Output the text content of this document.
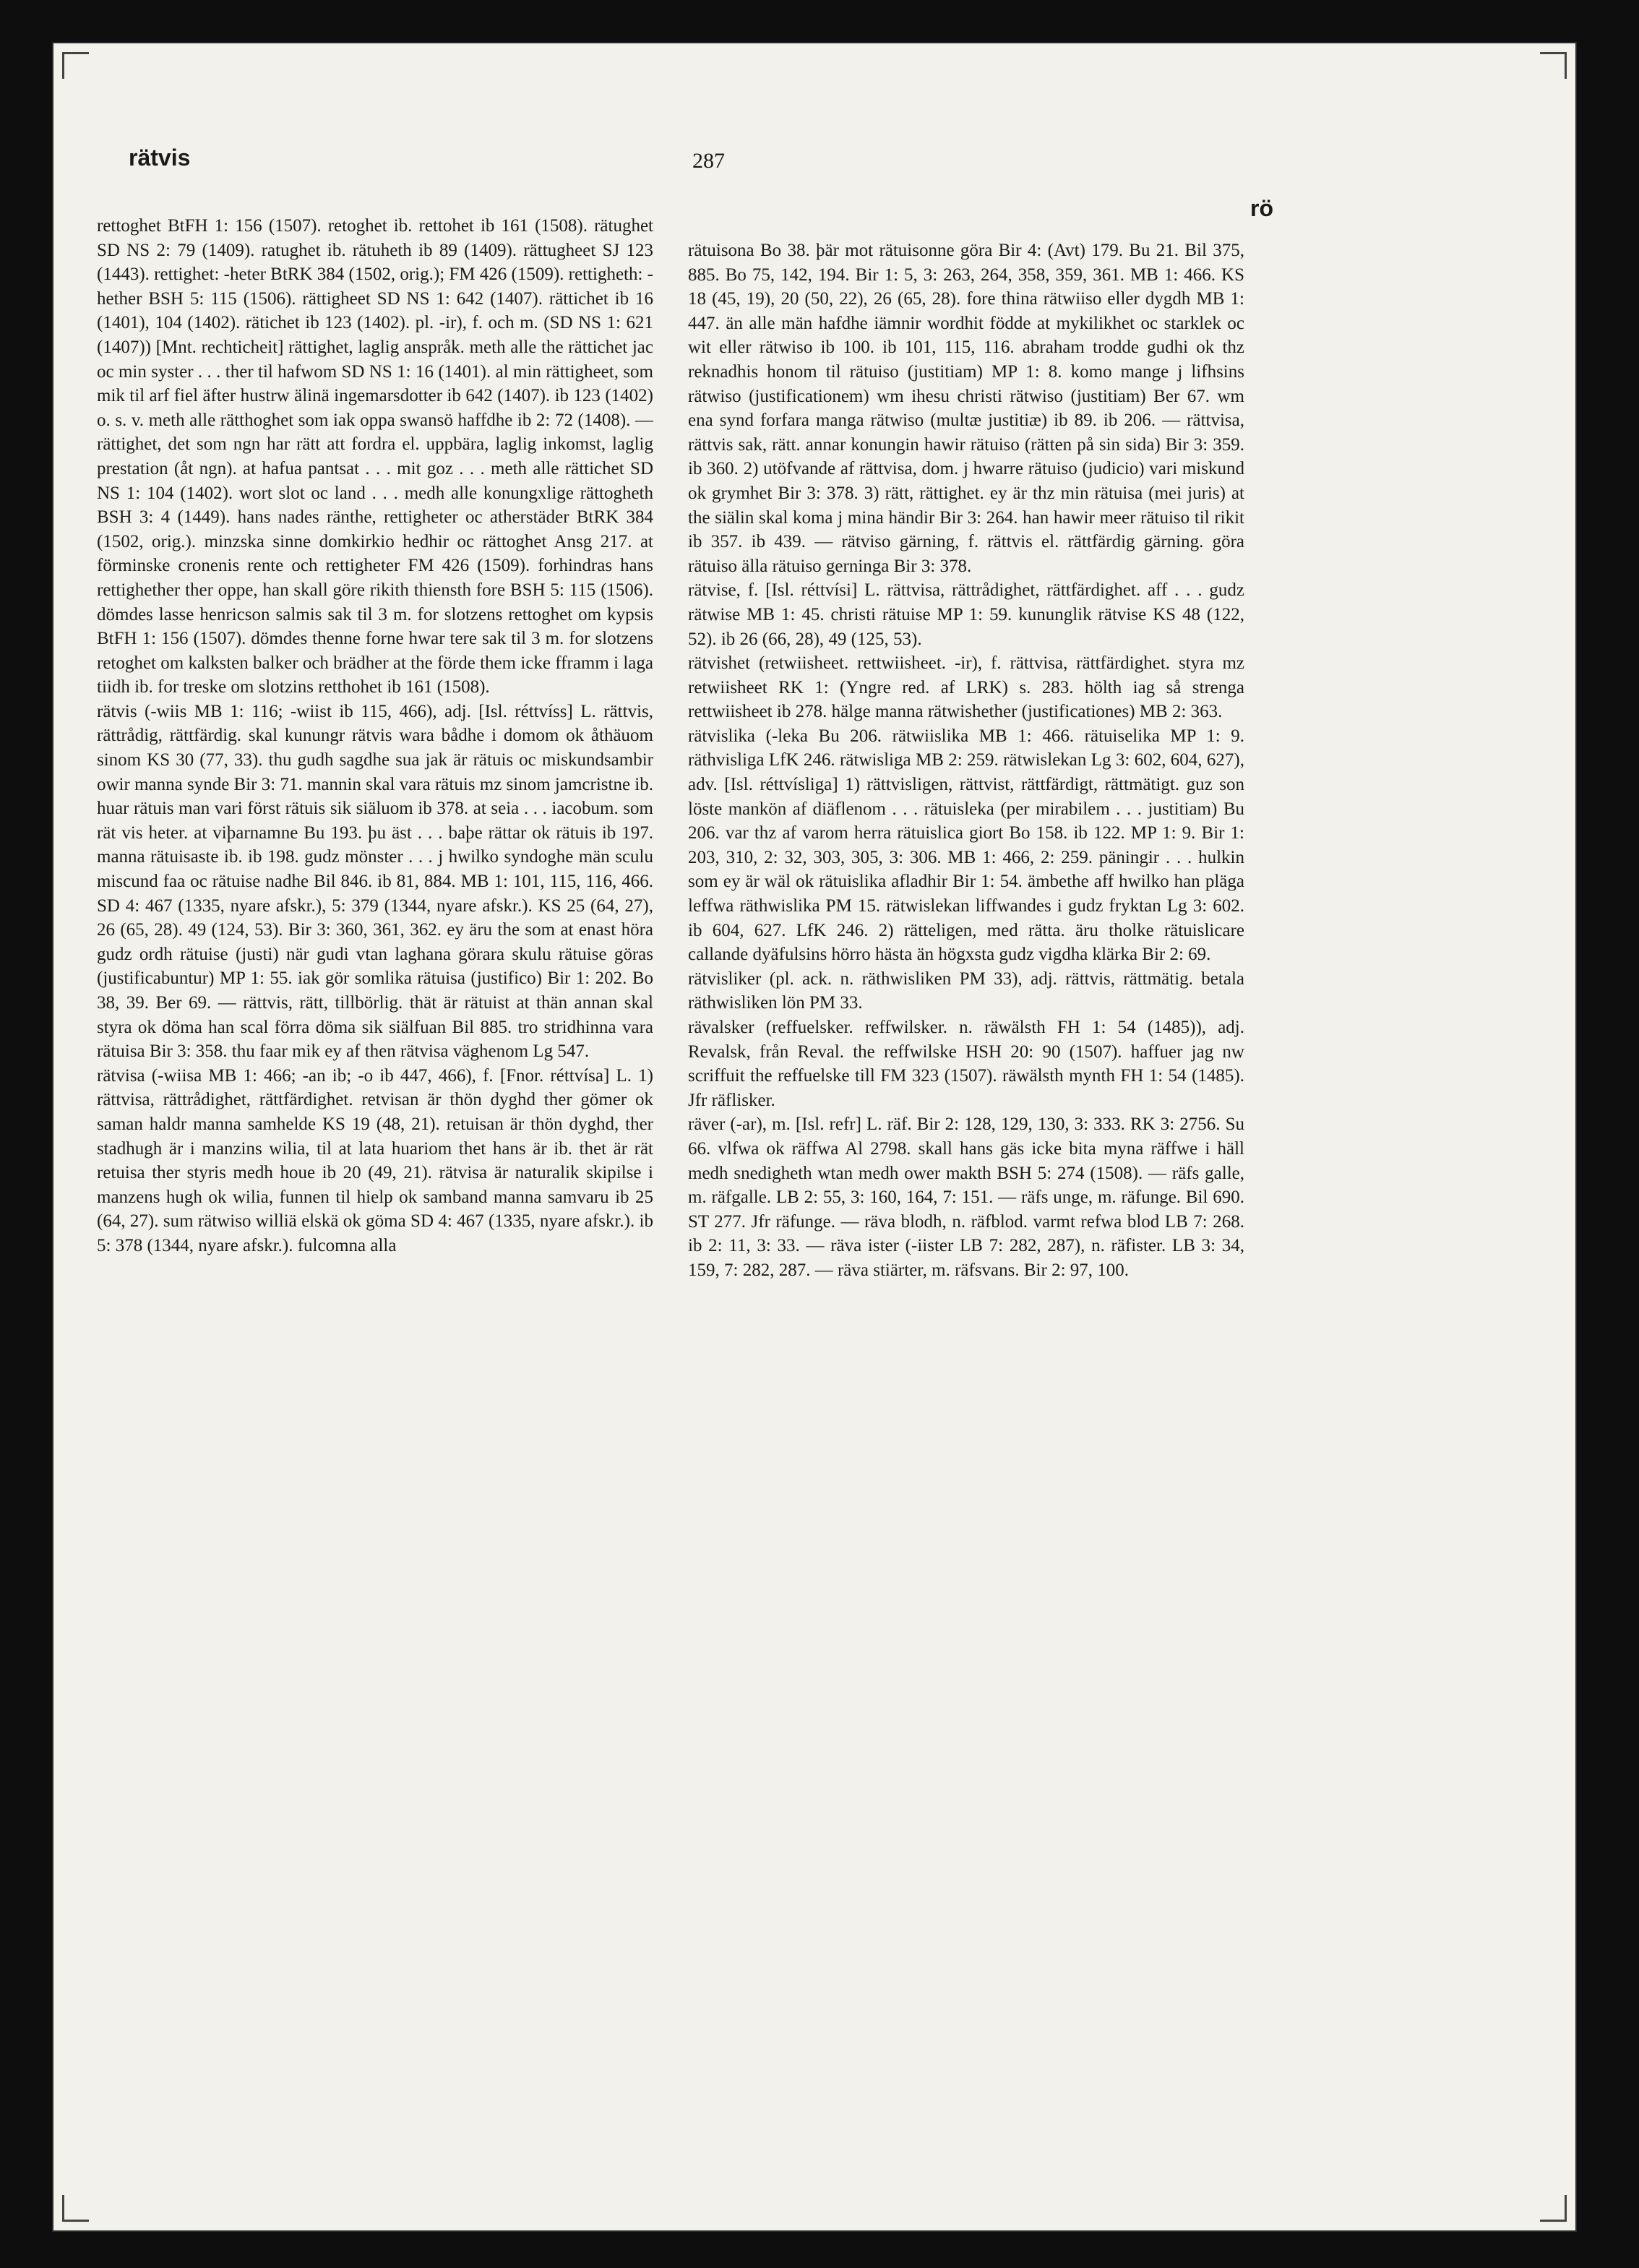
rätvis	287
rö

rettoghet BtFH 1: 156 (1507). retoghet ib. rettohet ib 161 (1508). rätughet SD NS 2: 79 (1409). ratughet ib. rätuheth ib 89 (1409). rättugheet SJ 123 (1443). rettighet: -heter BtRK 384 (1502, orig.); FM 426 (1509). rettigheth: -hether BSH 5: 115 (1506). rättigheet SD NS 1: 642 (1407). rättichet ib 16 (1401), 104 (1402). rätichet ib 123 (1402). pl. -ir), f. och m. (SD NS 1: 621 (1407)) [Mnt. rechticheit] rättighet, laglig anspråk. meth alle the rättichet jac oc min syster . . . ther til hafwom SD NS 1: 16 (1401). al min rättigheet, som mik til arf fiel äfter hustrw älinä ingemarsdotter ib 642 (1407). ib 123 (1402) o. s. v. meth alle rätthoghet som iak oppa swansö haffdhe ib 2: 72 (1408). — rättighet, det som ngn har rätt att fordra el. uppbära, laglig inkomst, laglig prestation (åt ngn). at hafua pantsat . . . mit goz . . . meth alle rättichet SD NS 1: 104 (1402). wort slot oc land . . . medh alle konungxlige rättogheth BSH 3: 4 (1449). hans nades ränthe, rettigheter oc atherstäder BtRK 384 (1502, orig.). minzska sinne domkirkio hedhir oc rättoghet Ansg 217. at förminske cronenis rente och rettigheter FM 426 (1509). forhindras hans rettighether ther oppe, han skall göre rikith thiensth fore BSH 5: 115 (1506). dömdes lasse henricson salmis sak til 3 m. for slotzens rettoghet om kypsis BtFH 1: 156 (1507). dömdes thenne forne hwar tere sak til 3 m. for slotzens retoghet om kalksten balker och brädher at the förde them icke fframm i laga tiidh ib. for treske om slotzins retthohet ib 161 (1508).

rätvis (-wiis MB 1: 116; -wiist ib 115, 466), adj. [Isl. réttvíss] L. rättvis, rättrådig, rättfärdig. skal kunungr rätvis wara bådhe i domom ok åthäuom sinom KS 30 (77, 33). thu gudh sagdhe sua jak är rätuis oc miskundsambir owir manna synde Bir 3: 71. mannin skal vara rätuis mz sinom jamcristne ib. huar rätuis man vari först rätuis sik siäluom ib 378. at seia . . . iacobum. som rät vis heter. at viþarnamne Bu 193. þu äst . . . baþe rättar ok rätuis ib 197. manna rätuisaste ib. ib 198. gudz mönster . . . j hwilko syndoghe män sculu miscund faa oc rätuise nadhe Bil 846. ib 81, 884. MB 1: 101, 115, 116, 466. SD 4: 467 (1335, nyare afskr.), 5: 379 (1344, nyare afskr.). KS 25 (64, 27), 26 (65, 28). 49 (124, 53). Bir 3: 360, 361, 362. ey äru the som at enast höra gudz ordh rätuise (justi) när gudi vtan laghana görara skulu rätuise göras (justificabuntur) MP 1: 55. iak gör somlika rätuisa (justifico) Bir 1: 202. Bo 38, 39. Ber 69. — rättvis, rätt, tillbörlig. thät är rätuist at thän annan skal styra ok döma han scal förra döma sik siälfuan Bil 885. tro stridhinna vara rätuisa Bir 3: 358. thu faar mik ey af then rätvisa väghenom Lg 547.

rätvisa (-wiisa MB 1: 466; -an ib; -o ib 447, 466), f. [Fnor. réttvísa] L. 1) rättvisa, rättrådighet, rättfärdighet. retvisan är thön dyghd ther gömer ok saman haldr manna samhelde KS 19 (48, 21). retuisan är thön dyghd, ther stadhugh är i manzins wilia, til at lata huariom thet hans är ib. thet är rät retuisa ther styris medh houe ib 20 (49, 21). rätvisa är naturalik skipilse i manzens hugh ok wilia, funnen til hielp ok samband manna samvaru ib 25 (64, 27). sum rätwiso williä elskä ok göma SD 4: 467 (1335, nyare afskr.). ib 5: 378 (1344, nyare afskr.). fulcomna alla

rätuisona Bo 38. þär mot rätuisonne göra Bir 4: (Avt) 179. Bu 21. Bil 375, 885. Bo 75, 142, 194. Bir 1: 5, 3: 263, 264, 358, 359, 361. MB 1: 466. KS 18 (45, 19), 20 (50, 22), 26 (65, 28). fore thina rätwiiso eller dygdh MB 1: 447. än alle män hafdhe iämnir wordhit födde at mykilikhet oc starklek oc wit eller rätwiso ib 100. ib 101, 115, 116. abraham trodde gudhi ok thz reknadhis honom til rätuiso (justitiam) MP 1: 8. komo mange j lifhsins rätwiso (justificationem) wm ihesu christi rätwiso (justitiam) Ber 67. wm ena synd forfara manga rätwiso (multæ justitiæ) ib 89. ib 206. — rättvisa, rättvis sak, rätt. annar konungin hawir rätuiso (rätten på sin sida) Bir 3: 359. ib 360. 2) utöfvande af rättvisa, dom. j hwarre rätuiso (judicio) vari miskund ok grymhet Bir 3: 378. 3) rätt, rättighet. ey är thz min rätuisa (mei juris) at the siälin skal koma j mina händir Bir 3: 264. han hawir meer rätuiso til rikit ib 357. ib 439. — rätviso gärning, f. rättvis el. rättfärdig gärning. göra rätuiso älla rätuiso gerninga Bir 3: 378.

rätvise, f. [Isl. réttvísi] L. rättvisa, rättrådighet, rättfärdighet. aff . . . gudz rätwise MB 1: 45. christi rätuise MP 1: 59. kununglik rätvise KS 48 (122, 52). ib 26 (66, 28), 49 (125, 53).

rätvishet (retwiisheet. rettwiisheet. -ir), f. rättvisa, rättfärdighet. styra mz retwiisheet RK 1: (Yngre red. af LRK) s. 283. hölth iag så strenga rettwiisheet ib 278. hälge manna rätwishether (justificationes) MB 2: 363.

rätvislika (-leka Bu 206. rätwiislika MB 1: 466. rätuiselika MP 1: 9. räthvisliga LfK 246. rätwisliga MB 2: 259. rätwislekan Lg 3: 602, 604, 627), adv. [Isl. réttvísliga] 1) rättvisligen, rättvist, rättfärdigt, rättmätigt. guz son löste mankön af diäflenom . . . rätuisleka (per mirabilem . . . justitiam) Bu 206. var thz af varom herra rätuislica giort Bo 158. ib 122. MP 1: 9. Bir 1: 203, 310, 2: 32, 303, 305, 3: 306. MB 1: 466, 2: 259. päningir . . . hulkin som ey är wäl ok rätuislika afladhir Bir 1: 54. ämbethe aff hwilko han pläga leffwa räthwislika PM 15. rätwislekan liffwandes i gudz fryktan Lg 3: 602. ib 604, 627. LfK 246. 2) rätteligen, med rätta. äru tholke rätuislicare callande dyäfulsins hörro hästa än högxsta gudz vigdha klärka Bir 2: 69.

rätvisliker (pl. ack. n. räthwisliken PM 33), adj. rättvis, rättmätig. betala räthwisliken lön PM 33.

rävalsker (reffuelsker. reffwilsker. n. räwälsth FH 1: 54 (1485)), adj. Revalsk, från Reval. the reffwilske HSH 20: 90 (1507). haffuer jag nw scriffuit the reffuelske till FM 323 (1507). räwälsth mynth FH 1: 54 (1485). Jfr räflisker.

räver (-ar), m. [Isl. refr] L. räf. Bir 2: 128, 129, 130, 3: 333. RK 3: 2756. Su 66. vlfwa ok räffwa Al 2798. skall hans gäs icke bita myna räffwe i häll medh snedigheth wtan medh ower makth BSH 5: 274 (1508). — räfs galle, m. räfgalle. LB 2: 55, 3: 160, 164, 7: 151. — räfs unge, m. räfunge. Bil 690. ST 277. Jfr räfunge. — räva blodh, n. räfblod. varmt refwa blod LB 7: 268. ib 2: 11, 3: 33. — räva ister (-iister LB 7: 282, 287), n. räfister. LB 3: 34, 159, 7: 282, 287. — räva stiärter, m. räfsvans. Bir 2: 97, 100.
